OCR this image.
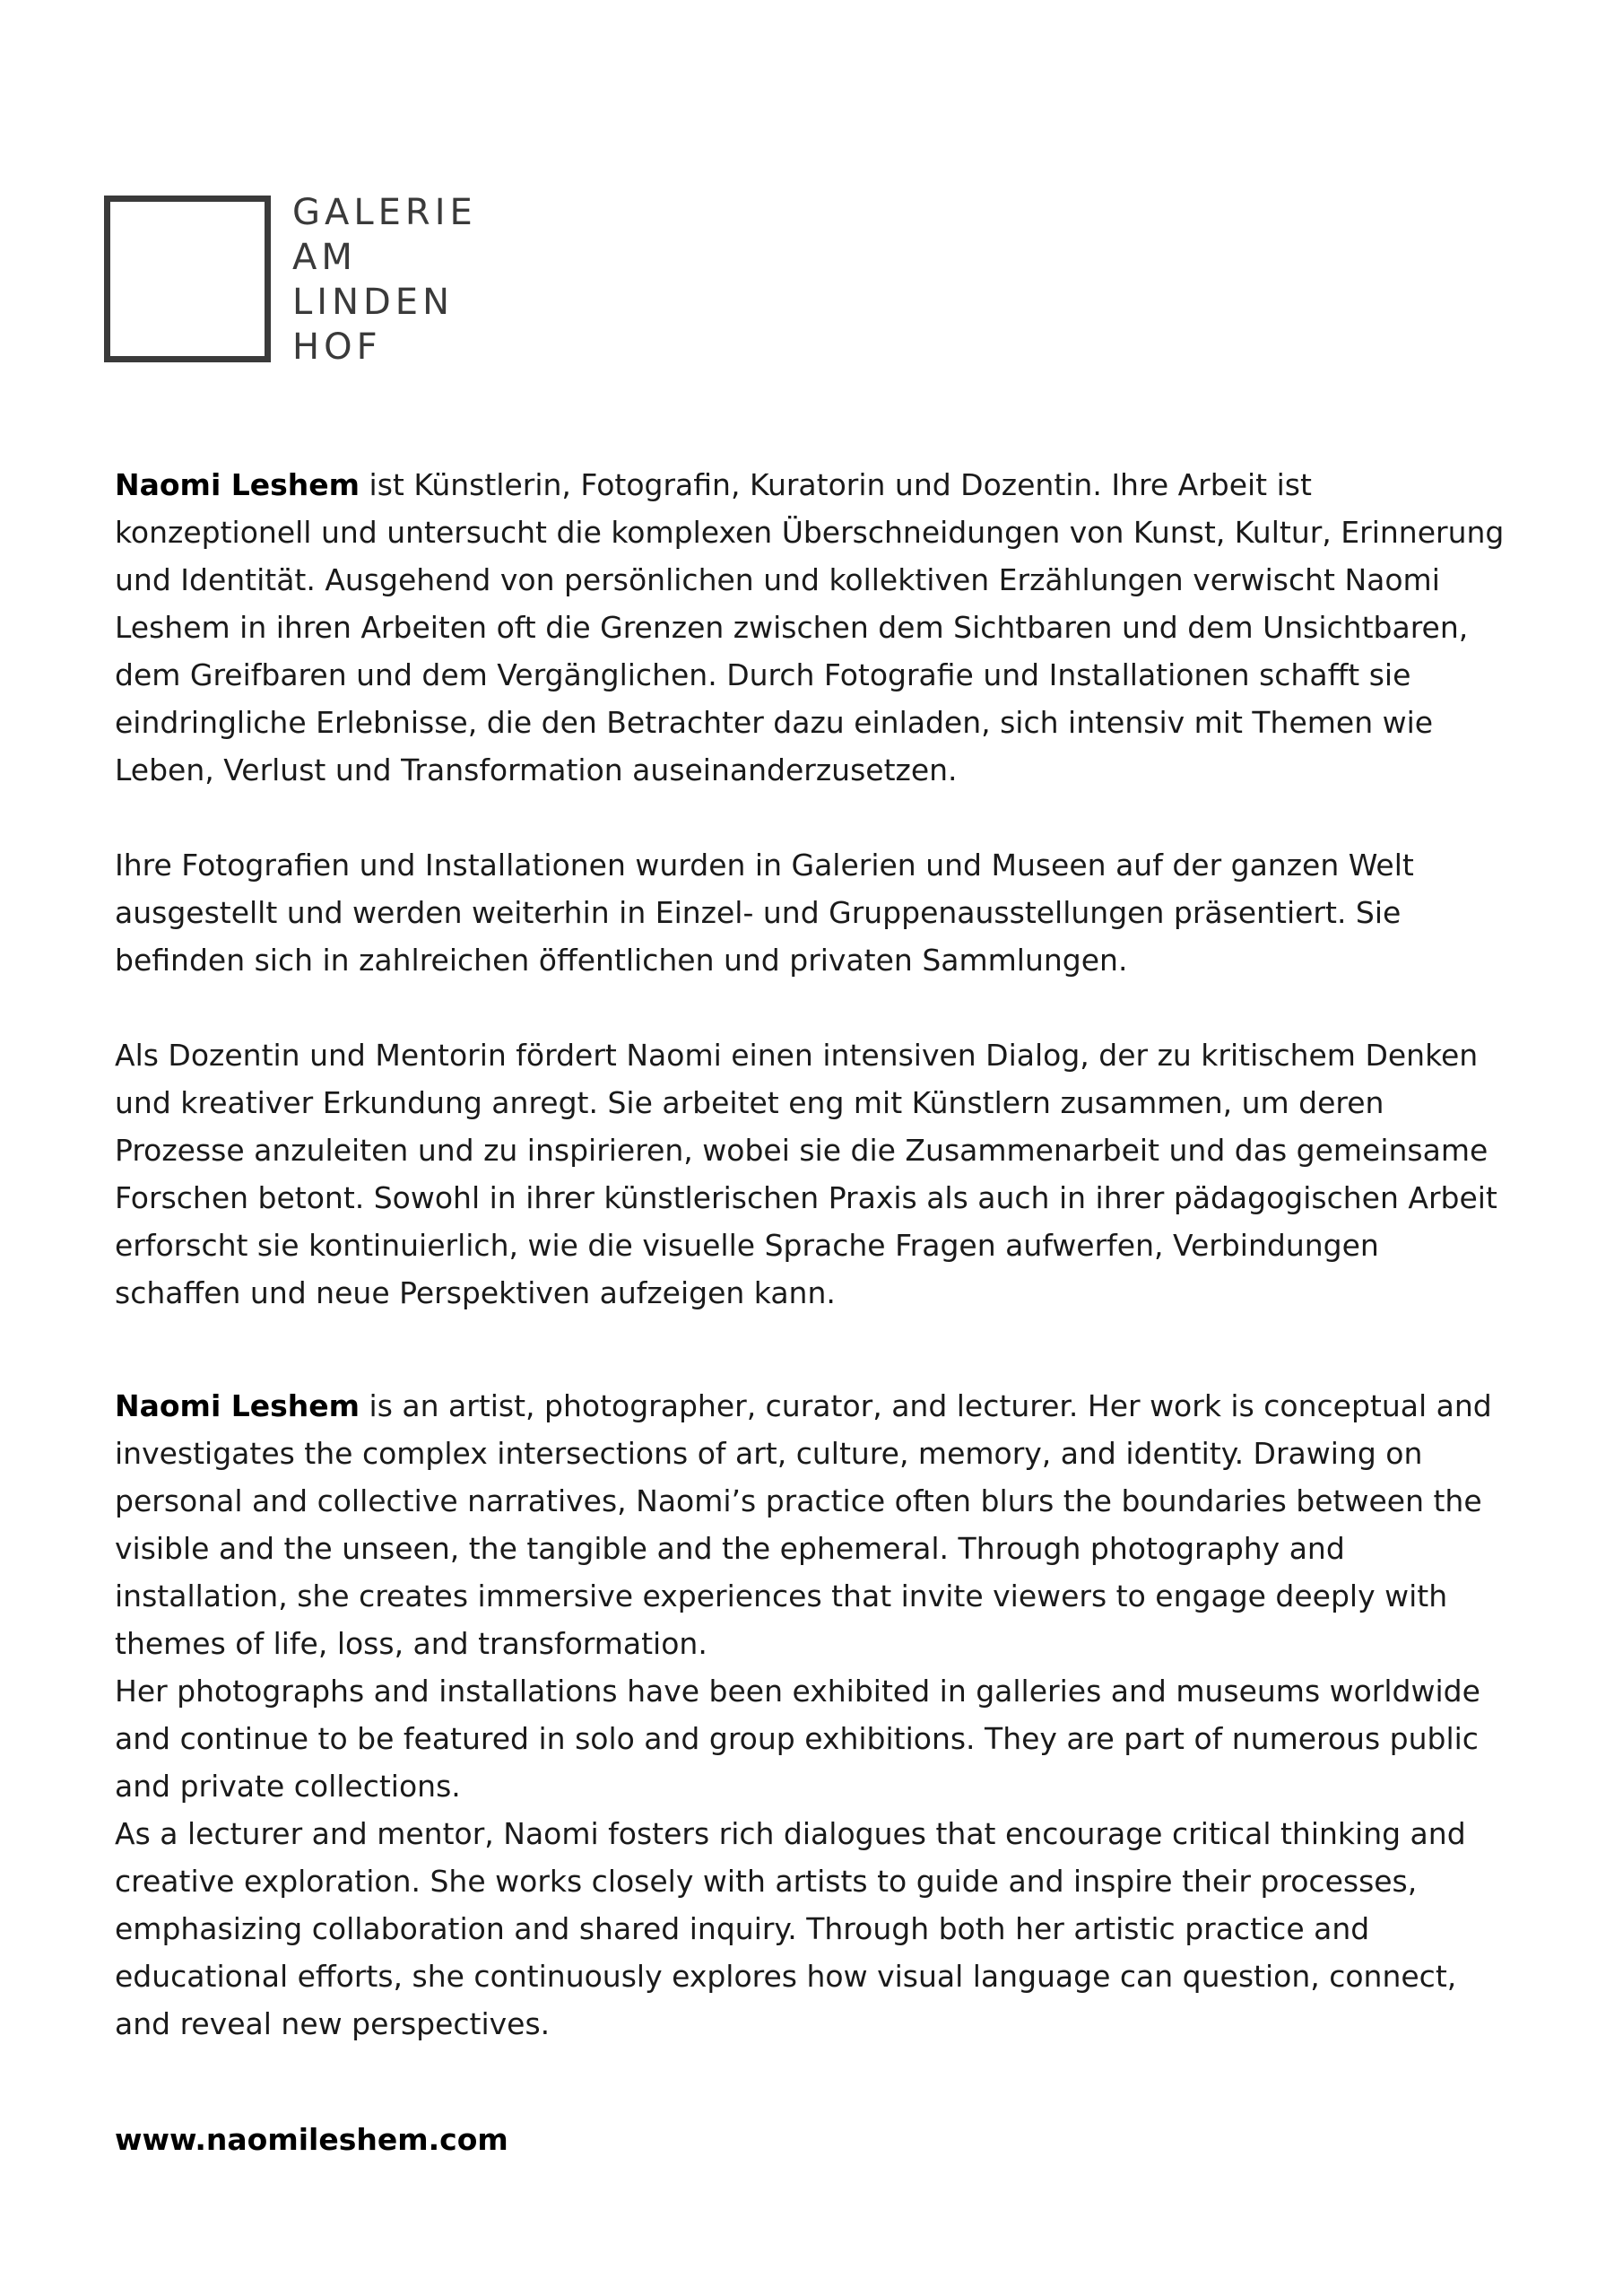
GALERIE
AM
LINDEN
HOF

Naomi Leshem ist Künstlerin, Fotografin, Kuratorin und Dozentin. Ihre Arbeit ist konzeptionell und untersucht die komplexen Überschneidungen von Kunst, Kultur, Erinnerung und Identität. Ausgehend von persönlichen und kollektiven Erzählungen verwischt Naomi Leshem in ihren Arbeiten oft die Grenzen zwischen dem Sichtbaren und dem Unsichtbaren, dem Greifbaren und dem Vergänglichen. Durch Fotografie und Installationen schafft sie eindringliche Erlebnisse, die den Betrachter dazu einladen, sich intensiv mit Themen wie Leben, Verlust und Transformation auseinanderzusetzen.

Ihre Fotografien und Installationen wurden in Galerien und Museen auf der ganzen Welt ausgestellt und werden weiterhin in Einzel- und Gruppenausstellungen präsentiert. Sie befinden sich in zahlreichen öffentlichen und privaten Sammlungen.

Als Dozentin und Mentorin fördert Naomi einen intensiven Dialog, der zu kritischem Denken und kreativer Erkundung anregt. Sie arbeitet eng mit Künstlern zusammen, um deren Prozesse anzuleiten und zu inspirieren, wobei sie die Zusammenarbeit und das gemeinsame Forschen betont. Sowohl in ihrer künstlerischen Praxis als auch in ihrer pädagogischen Arbeit erforscht sie kontinuierlich, wie die visuelle Sprache Fragen aufwerfen, Verbindungen schaffen und neue Perspektiven aufzeigen kann.

Naomi Leshem is an artist, photographer, curator, and lecturer. Her work is conceptual and investigates the complex intersections of art, culture, memory, and identity. Drawing on personal and collective narratives, Naomi’s practice often blurs the boundaries between the visible and the unseen, the tangible and the ephemeral. Through photography and installation, she creates immersive experiences that invite viewers to engage deeply with themes of life, loss, and transformation.

Her photographs and installations have been exhibited in galleries and museums worldwide and continue to be featured in solo and group exhibitions. They are part of numerous public and private collections.

As a lecturer and mentor, Naomi fosters rich dialogues that encourage critical thinking and creative exploration. She works closely with artists to guide and inspire their processes, emphasizing collaboration and shared inquiry. Through both her artistic practice and educational efforts, she continuously explores how visual language can question, connect, and reveal new perspectives.

www.naomileshem.com
